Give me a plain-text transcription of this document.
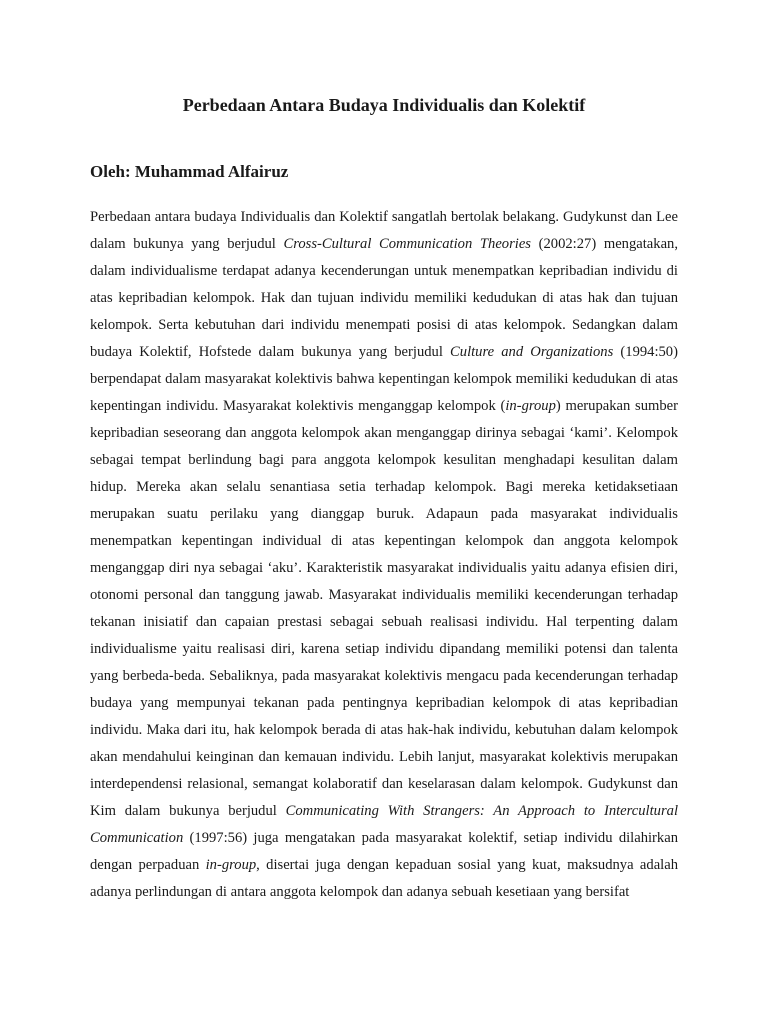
Perbedaan Antara Budaya Individualis dan Kolektif
Oleh: Muhammad Alfairuz

Perbedaan antara budaya Individualis dan Kolektif sangatlah bertolak belakang. Gudykunst dan Lee dalam bukunya yang berjudul Cross-Cultural Communication Theories (2002:27) mengatakan, dalam individualisme terdapat adanya kecenderungan untuk menempatkan kepribadian individu di atas kepribadian kelompok. Hak dan tujuan individu memiliki kedudukan di atas hak dan tujuan kelompok. Serta kebutuhan dari individu menempati posisi di atas kelompok. Sedangkan dalam budaya Kolektif, Hofstede dalam bukunya yang berjudul Culture and Organizations (1994:50) berpendapat dalam masyarakat kolektivis bahwa kepentingan kelompok memiliki kedudukan di atas kepentingan individu. Masyarakat kolektivis menganggap kelompok (in-group) merupakan sumber kepribadian seseorang dan anggota kelompok akan menganggap dirinya sebagai ‘kami’. Kelompok sebagai tempat berlindung bagi para anggota kelompok kesulitan menghadapi kesulitan dalam hidup. Mereka akan selalu senantiasa setia terhadap kelompok. Bagi mereka ketidaksetiaan merupakan suatu perilaku yang dianggap buruk. Adapaun pada masyarakat individualis menempatkan kepentingan individual di atas kepentingan kelompok dan anggota kelompok menganggap diri nya sebagai ‘aku’. Karakteristik masyarakat individualis yaitu adanya efisien diri, otonomi personal dan tanggung jawab. Masyarakat individualis memiliki kecenderungan terhadap tekanan inisiatif dan capaian prestasi sebagai sebuah realisasi individu. Hal terpenting dalam individualisme yaitu realisasi diri, karena setiap individu dipandang memiliki potensi dan talenta yang berbeda-beda. Sebaliknya, pada masyarakat kolektivis mengacu pada kecenderungan terhadap budaya yang mempunyai tekanan pada pentingnya kepribadian kelompok di atas kepribadian individu. Maka dari itu, hak kelompok berada di atas hak-hak individu, kebutuhan dalam kelompok akan mendahului keinginan dan kemauan individu. Lebih lanjut, masyarakat kolektivis merupakan interdependensi relasional, semangat kolaboratif dan keselarasan dalam kelompok. Gudykunst dan Kim dalam bukunya berjudul Communicating With Strangers: An Approach to Intercultural Communication (1997:56) juga mengatakan pada masyarakat kolektif, setiap individu dilahirkan dengan perpaduan in-group, disertai juga dengan kepaduan sosial yang kuat, maksudnya adalah adanya perlindungan di antara anggota kelompok dan adanya sebuah kesetiaan yang bersifat
